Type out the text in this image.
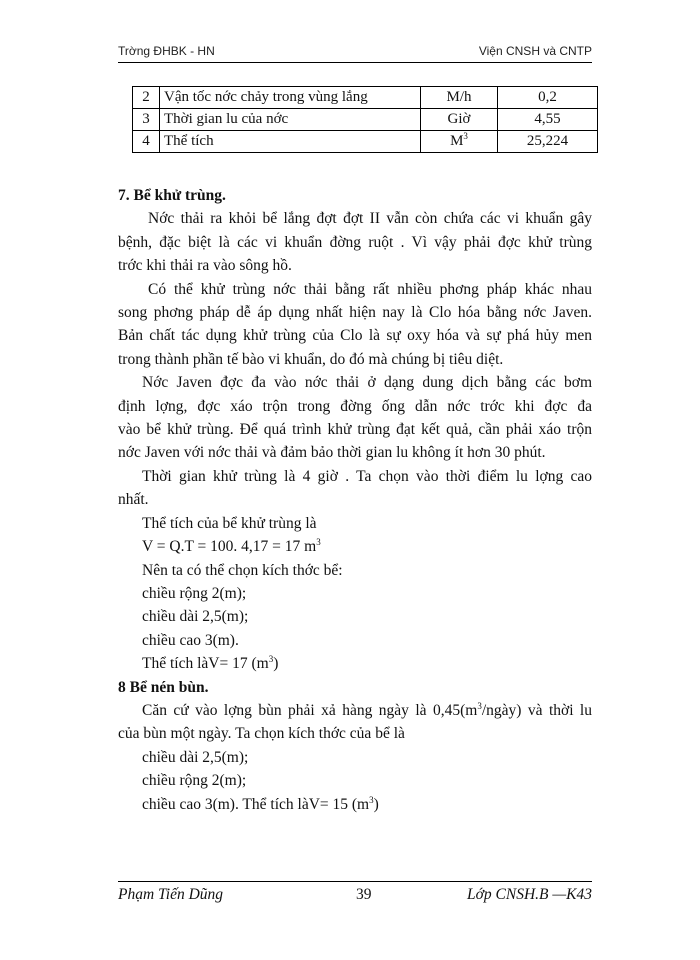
Trờng ĐHBK - HN	Viện CNSH và CNTP
2	Vận tốc nớc chảy trong vùng lắng	M/h	0,2
3	Thời gian lu của nớc	Giờ	4,55
4	Thể tích	$M^3$	25,224

7. Bể khử trùng.

Nớc thải ra khỏi bể lắng đợt đợt II vẫn còn chứa các vi khuẩn gây

bệnh, đặc biệt là các vi khuẩn đờng ruột . Vì vậy phải đợc khử trùng

trớc khi thải ra vào sông hồ.

Có thể khử trùng nớc thải bằng rất nhiều phơng pháp khác nhau

song phơng pháp dễ áp dụng nhất hiện nay là Clo hóa bằng nớc Javen.

Bản chất tác dụng khử trùng của Clo là sự oxy hóa và sự phá hủy men

trong thành phần tế bào vi khuẩn, do đó mà chúng bị tiêu diệt.

Nớc Javen đợc đa vào nớc thải ở dạng dung dịch bằng các bơm

định lợng, đợc xáo trộn trong đờng ống dẫn nớc trớc khi đợc đa

vào bể khử trùng. Để quá trình khử trùng đạt kết quả, cần phải xáo trộn

nớc Javen với nớc thải và đảm bảo thời gian lu không ít hơn 30 phút.

Thời gian khử trùng là 4 giờ . Ta chọn vào thời điểm lu lợng cao

nhất.

Thể tích của bể khử trùng là

V = Q.T = 100. 4,17 = 17 $m^3$

Nên ta có thể chọn kích thớc bể:

chiều rộng 2(m);

chiều dài 2,5(m);

chiều cao 3(m).

Thể tích làV= 17 $(m^3)$

8 Bể nén bùn.

Căn cứ vào lợng bùn phải xả hàng ngày là $0,45(m^3/ngày)$ và thời lu

của bùn một ngày. Ta chọn kích thớc của bể là

chiều dài 2,5(m);

chiều rộng 2(m);

chiều cao 3(m). Thể tích làV= 15 $(m^3)$

Phạm Tiến Dũng	39	Lớp CNSH.B —K43
